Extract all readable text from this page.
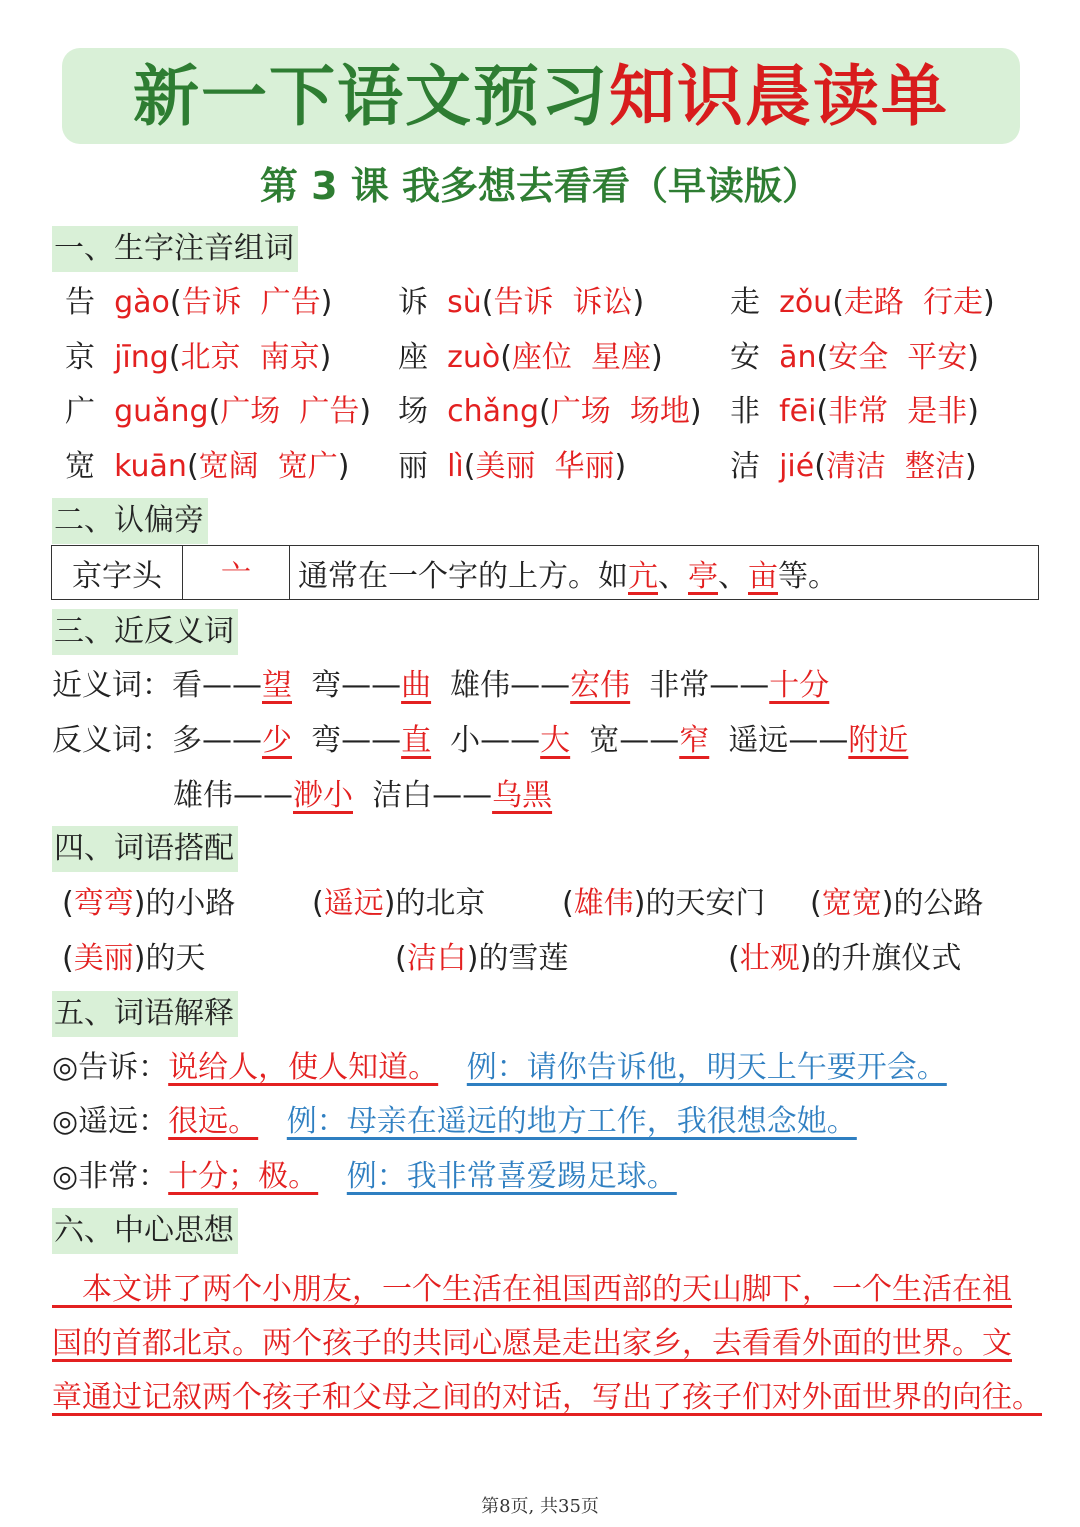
新一下语文预习知识晨读单
第 3 课 我多想去看看（早读版）
一、生字注音组词
告 gào(告诉  广告) 诉 sù(告诉  诉讼)	走 zǒu(走路  行走)
京 jīng(北京  南京) 座 zuò(座位  星座) 安 ān(安全  平安)
广 guǎng(广场  广告) 场 chǎng(广场  场地) 非 fēi(非常  是非)
宽 kuān(宽阔  宽广) 丽 lì(美丽  华丽)	洁 jié(清洁  整洁)
二、认偏旁
京字头	亠	通常在一个字的上方。如亢、亭、亩等。
三、近反义词
近义词：看——望 弯——曲 雄伟——宏伟 非常——十分
反义词：多——少 弯——直 小——大 宽——窄 遥远——附近
雄伟——渺小 洁白——乌黑
四、词语搭配
(弯弯)的小路	(遥远)的北京	(雄伟)的天安门 (宽宽)的公路
(美丽)的天	(洁白)的雪莲	(壮观)的升旗仪式
五、词语解释
◎告诉：说给人，使人知道。 例：请你告诉他，明天上午要开会。
◎遥远：很远。 例：母亲在遥远的地方工作，我很想念她。
◎非常：十分；极。 例：我非常喜爱踢足球。
六、中心思想
　本文讲了两个小朋友，一个生活在祖国西部的天山脚下，一个生活在祖
国的首都北京。两个孩子的共同心愿是走出家乡，去看看外面的世界。文
章通过记叙两个孩子和父母之间的对话，写出了孩子们对外面世界的向往。
第8页, 共35页
